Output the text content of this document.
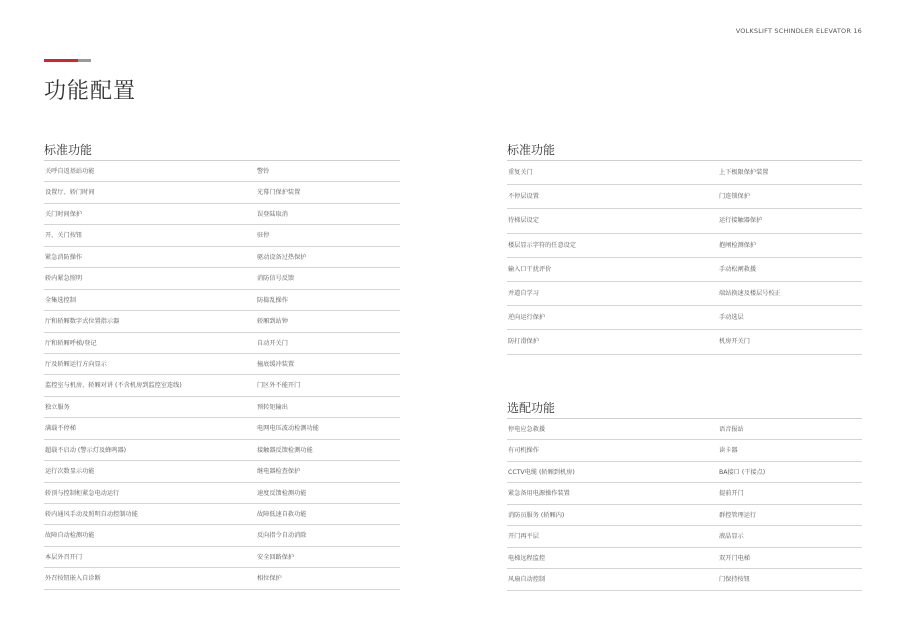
VOLKSLIFT SCHINDLER ELEVATOR 16
功能配置
标准功能
关呼自返基站功能	警铃
设置厅、轿门时间	光幕门保护装置
关门时间保护	误登陆取消
开、关门按钮	驻停
紧急消防操作	驱动设备过热保护
轿内紧急照明	消防信号反馈
全集选控制	防捣乱操作
厅和轿厢数字式位置指示器	轿厢到站钟
厅和轿厢呼梯/登记	自动开关门
厅及轿厢运行方向显示	撞底缓冲装置
监控室与机房、轿厢对讲 (不含机房到监控室连线)	门区外不能开门
独立服务	预转矩输出
满载不停梯	电网电压波动检测功能
超载不启动 (警示灯及蜂鸣器)	接触器反馈检测功能
运行次数显示功能	继电器检查保护
轿顶与控制柜紧急电动运行	速度反馈检测功能
轿内通风手动及照明自动控制功能	故障低速自救功能
故障自动检测功能	反向指令自动消除
本层外召开门	安全回路保护
外召按钮嵌入自诊断	相位保护
标准功能
重复关门	上下极限保护装置
不停层设置	门连锁保护
待梯层设定	运行接触器保护
楼层显示字符的任意设定	抱闸检测保护
输入口干扰评价	手动松闸救援
并道自学习	端站换速及楼层号校正
逆向运行保护	手动选层
防打滑保护	机房开关门
选配功能
停电应急救援	语音报站
有司机操作	读卡器
CCTV电缆 (轿厢到机房)	BA接口 (干接点)
紧急备用电源操作装置	提前开门
消防员服务 (轿厢内)	群控管理运行
开门再平层	液晶显示
电梯远程监控	双开门电梯
风扇自动控制	门保持按钮
